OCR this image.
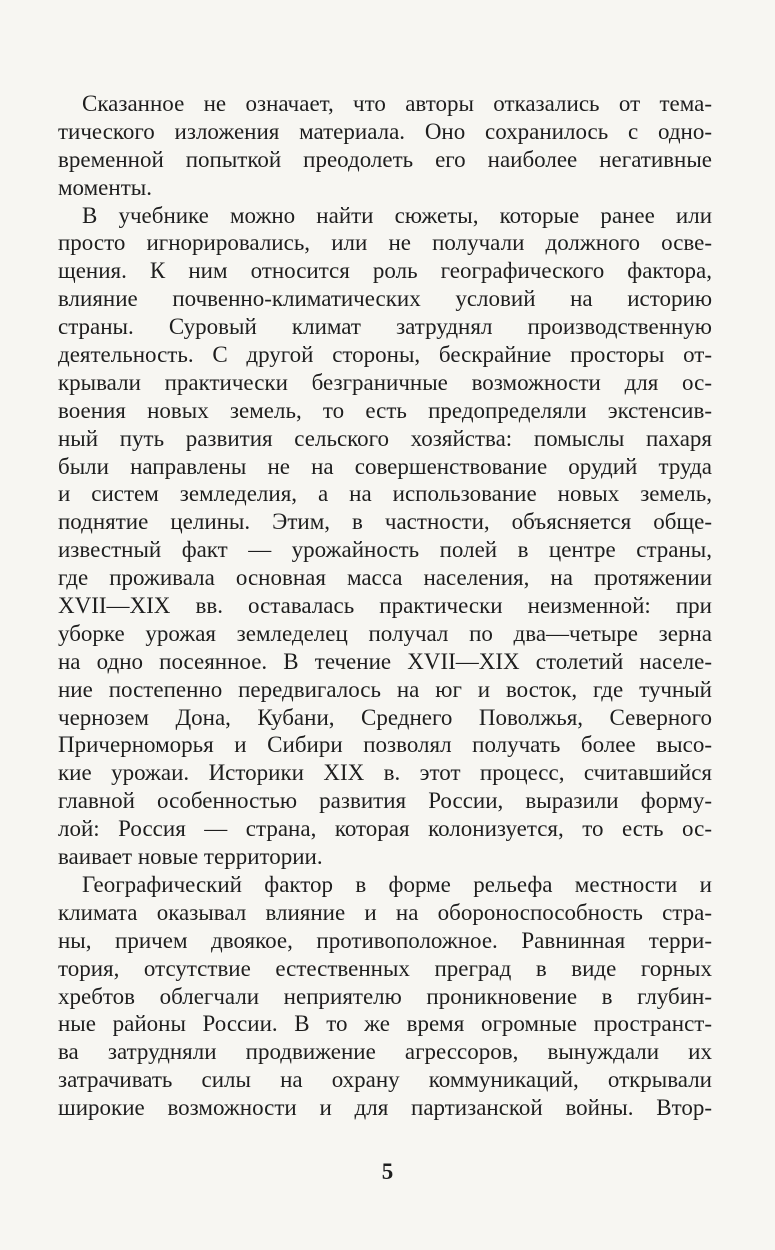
Сказанное не означает, что авторы отказались от тема-
тического изложения материала. Оно сохранилось с одно-
временной попыткой преодолеть его наиболее негативные
моменты.
В учебнике можно найти сюжеты, которые ранее или
просто игнорировались, или не получали должного осве-
щения. К ним относится роль географического фактора,
влияние почвенно-климатических условий на историю
страны. Суровый климат затруднял производственную
деятельность. С другой стороны, бескрайние просторы от-
крывали практически безграничные возможности для ос-
воения новых земель, то есть предопределяли экстенсив-
ный путь развития сельского хозяйства: помыслы пахаря
были направлены не на совершенствование орудий труда
и систем земледелия, а на использование новых земель,
поднятие целины. Этим, в частности, объясняется обще-
известный факт — урожайность полей в центре страны,
где проживала основная масса населения, на протяжении
XVII—XIX вв. оставалась практически неизменной: при
уборке урожая земледелец получал по два—четыре зерна
на одно посеянное. В течение XVII—XIX столетий населе-
ние постепенно передвигалось на юг и восток, где тучный
чернозем Дона, Кубани, Среднего Поволжья, Северного
Причерноморья и Сибири позволял получать более высо-
кие урожаи. Историки XIX в. этот процесс, считавшийся
главной особенностью развития России, выразили форму-
лой: Россия — страна, которая колонизуется, то есть ос-
ваивает новые территории.
Географический фактор в форме рельефа местности и
климата оказывал влияние и на обороноспособность стра-
ны, причем двоякое, противоположное. Равнинная терри-
тория, отсутствие естественных преград в виде горных
хребтов облегчали неприятелю проникновение в глубин-
ные районы России. В то же время огромные пространст-
ва затрудняли продвижение агрессоров, вынуждали их
затрачивать силы на охрану коммуникаций, открывали
широкие возможности и для партизанской войны. Втор-
5
